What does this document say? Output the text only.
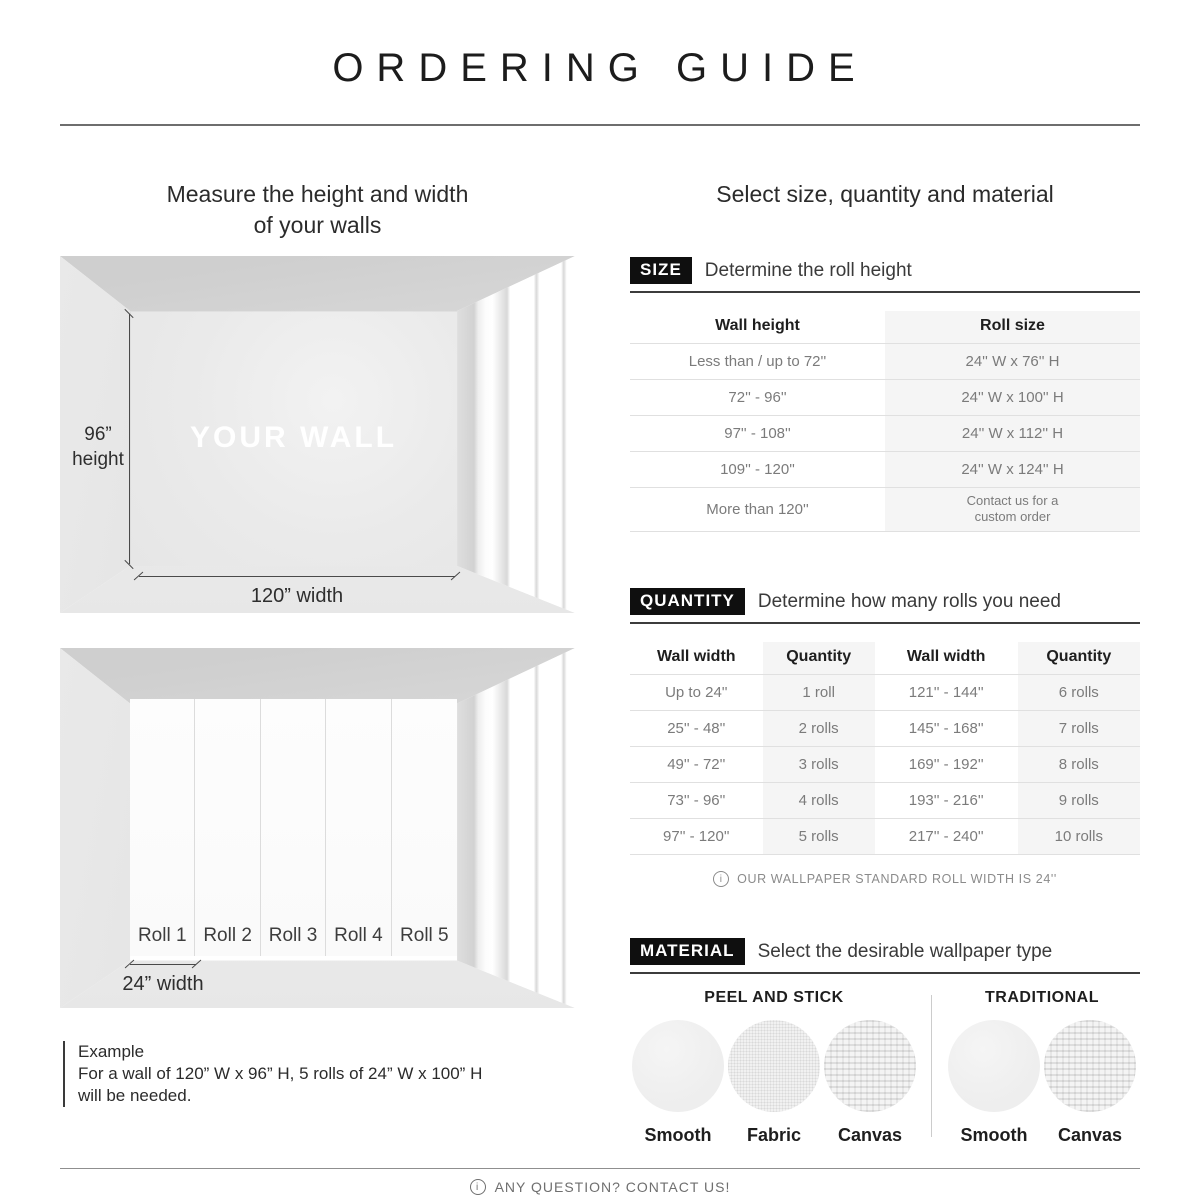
ORDERING GUIDE
Measure the height and width
of your walls
YOUR WALL
96”
height
120” width
Roll 1 Roll 2 Roll 3 Roll 4 Roll 5
24” width
Example
For a wall of 120” W x 96” H, 5 rolls of 24” W x 100” H
will be needed.
Select size, quantity and material
SIZE	Determine the roll height
Wall height	Roll size
Less than / up to 72''	24'' W x 76'' H
72'' - 96''	24'' W x 100'' H
97'' - 108''	24'' W x 112'' H
109'' - 120''	24'' W x 124'' H
More than 120''	Contact us for a
custom order
QUANTITY	Determine how many rolls you need
Wall width	Quantity	Wall width	Quantity
Up to 24''	1 roll	121'' - 144''	6 rolls
25'' - 48''	2 rolls	145'' - 168''	7 rolls
49'' - 72''	3 rolls	169'' - 192''	8 rolls
73'' - 96''	4 rolls	193'' - 216''	9 rolls
97'' - 120''	5 rolls	217'' - 240''	10 rolls
i
OUR WALLPAPER STANDARD ROLL WIDTH IS 24''
MATERIAL	Select the desirable wallpaper type
PEEL AND STICK
Smooth	Fabric	Canvas
TRADITIONAL
Smooth	Canvas
i
ANY QUESTION? CONTACT US!
